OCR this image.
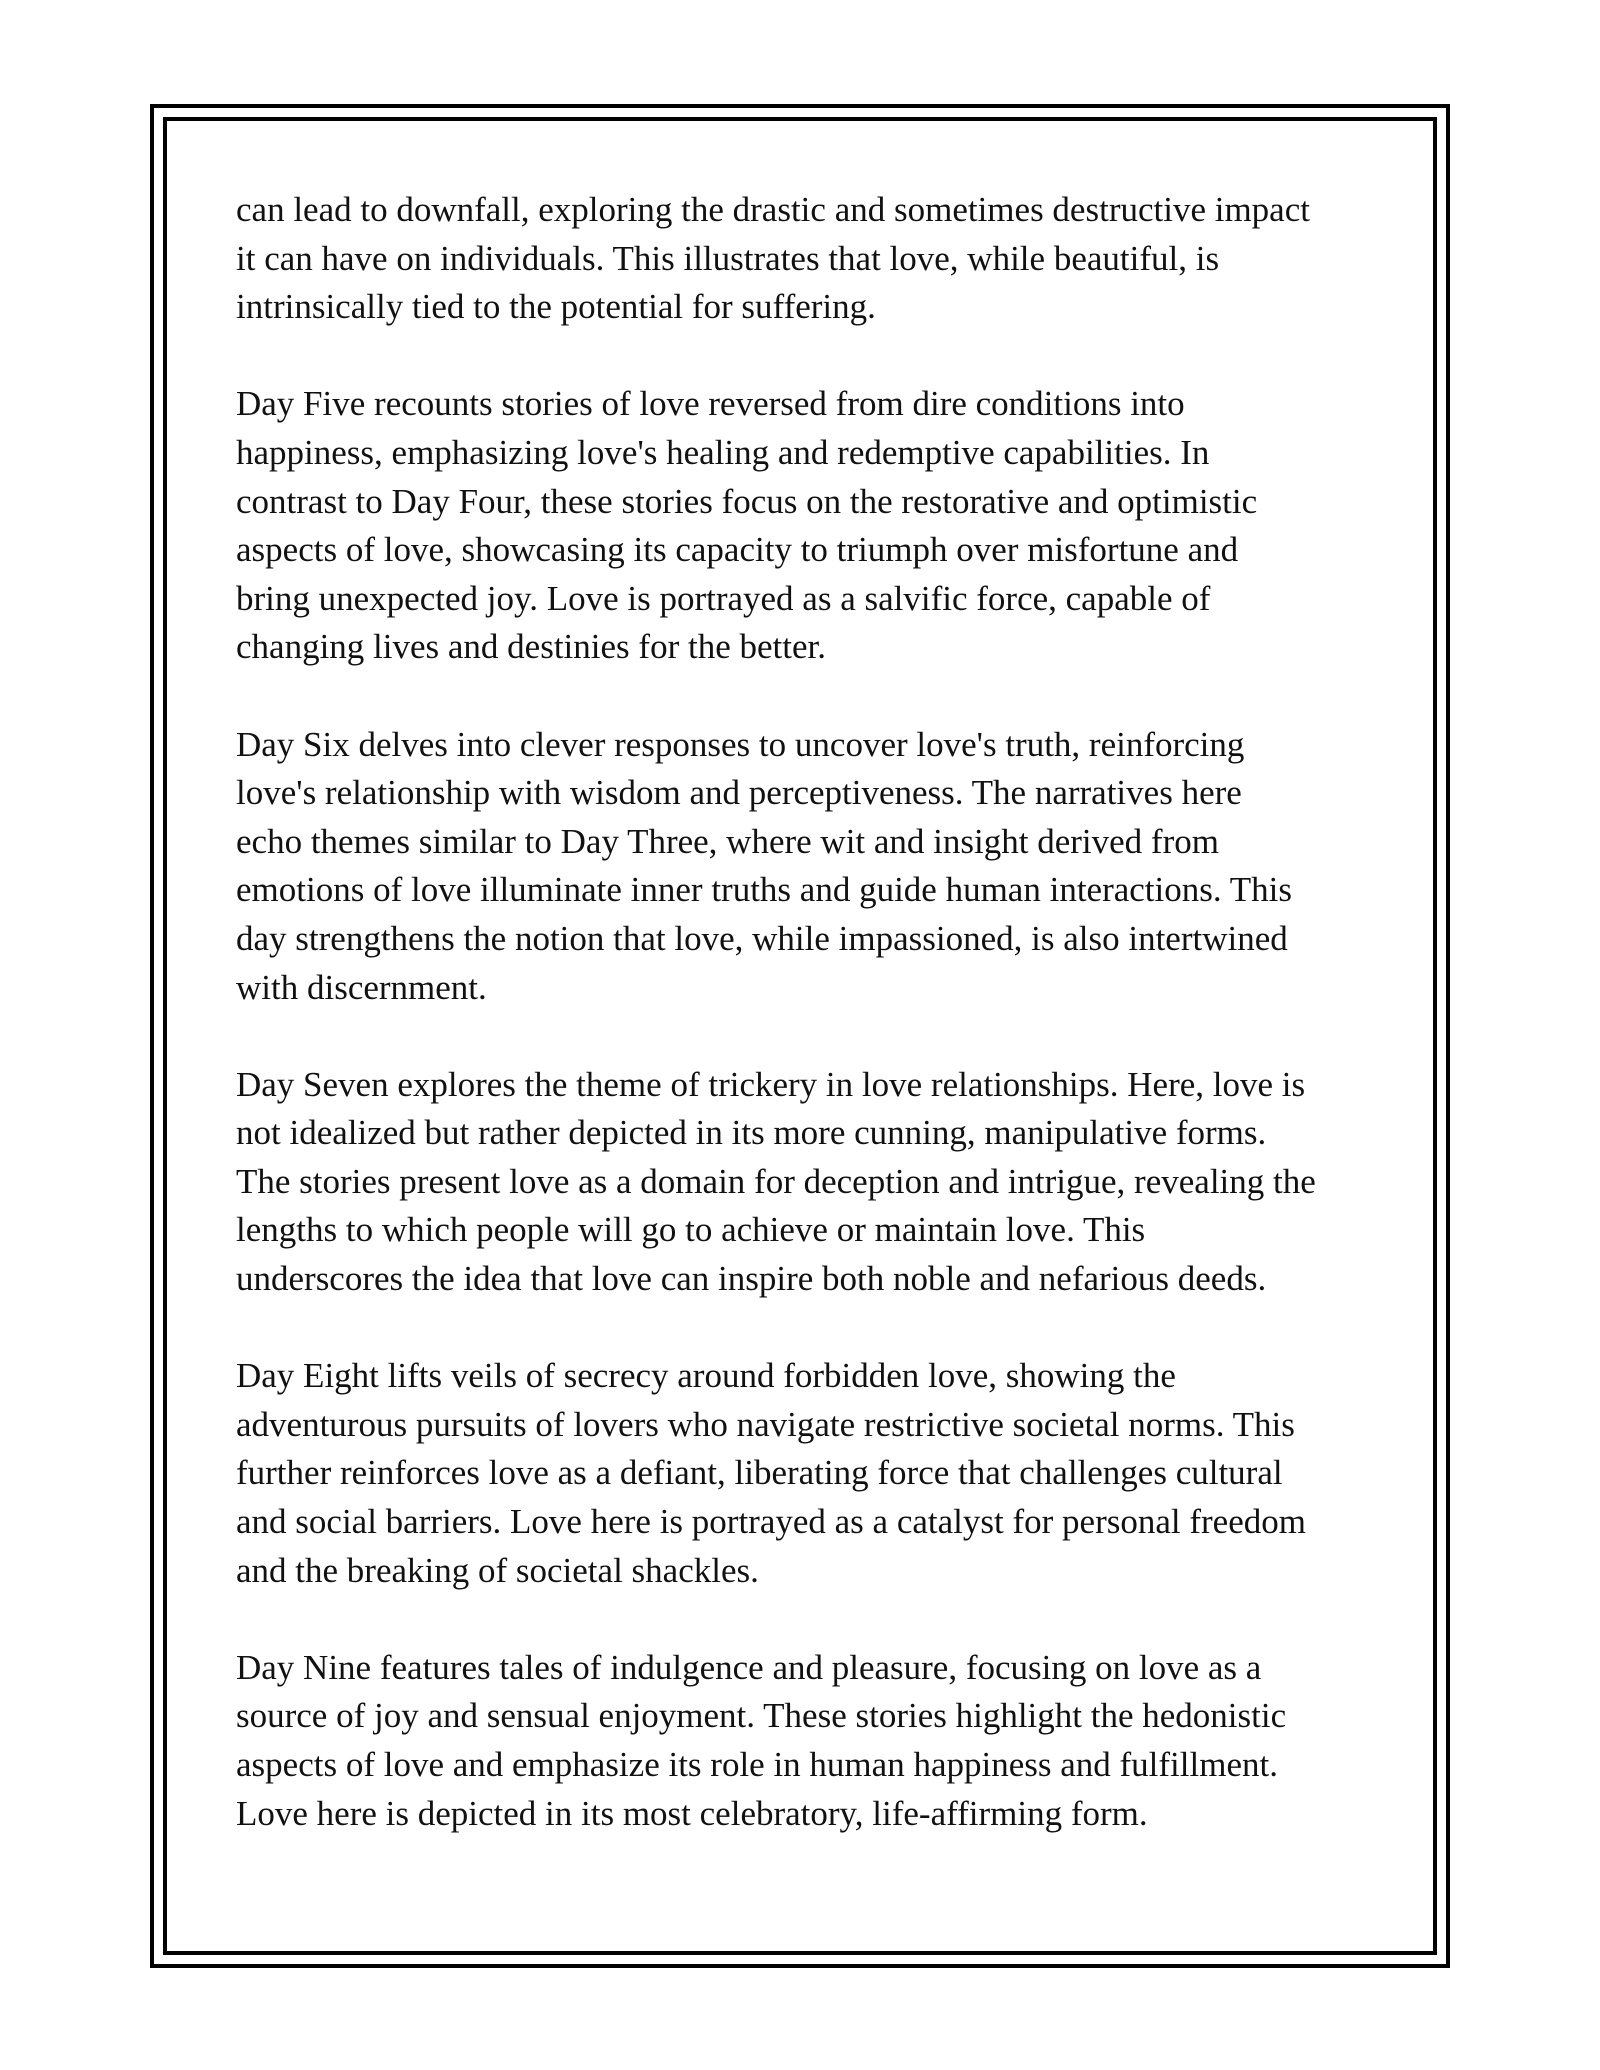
can lead to downfall, exploring the drastic and sometimes destructive impact
it can have on individuals. This illustrates that love, while beautiful, is
intrinsically tied to the potential for suffering.

Day Five recounts stories of love reversed from dire conditions into
happiness, emphasizing love's healing and redemptive capabilities. In
contrast to Day Four, these stories focus on the restorative and optimistic
aspects of love, showcasing its capacity to triumph over misfortune and
bring unexpected joy. Love is portrayed as a salvific force, capable of
changing lives and destinies for the better.

Day Six delves into clever responses to uncover love's truth, reinforcing
love's relationship with wisdom and perceptiveness. The narratives here
echo themes similar to Day Three, where wit and insight derived from
emotions of love illuminate inner truths and guide human interactions. This
day strengthens the notion that love, while impassioned, is also intertwined
with discernment.

Day Seven explores the theme of trickery in love relationships. Here, love is
not idealized but rather depicted in its more cunning, manipulative forms.
The stories present love as a domain for deception and intrigue, revealing the
lengths to which people will go to achieve or maintain love. This
underscores the idea that love can inspire both noble and nefarious deeds.

Day Eight lifts veils of secrecy around forbidden love, showing the
adventurous pursuits of lovers who navigate restrictive societal norms. This
further reinforces love as a defiant, liberating force that challenges cultural
and social barriers. Love here is portrayed as a catalyst for personal freedom
and the breaking of societal shackles.

Day Nine features tales of indulgence and pleasure, focusing on love as a
source of joy and sensual enjoyment. These stories highlight the hedonistic
aspects of love and emphasize its role in human happiness and fulfillment.
Love here is depicted in its most celebratory, life-affirming form.
